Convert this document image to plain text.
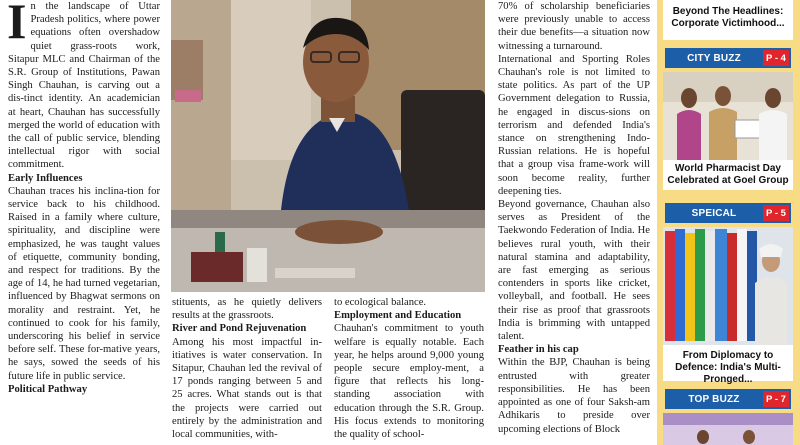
I n the landscape of Uttar Pradesh politics, where power equations often overshadow quiet grass-roots work, Sitapur MLC and Chairman of the S.R. Group of Institutions, Pawan Singh Chauhan, is carving out a dis-tinct identity. An academician at heart, Chauhan has successfully merged the world of education with the call of public service, blending intellectual rigor with social commitment.

Early Influences

Chauhan traces his inclina-tion for service back to his childhood. Raised in a family where culture, spirituality, and discipline were emphasized, he was taught values of etiquette, community bonding, and respect for traditions. By the age of 14, he had turned vegetarian, influenced by Bhagwat sermons on morality and restraint. Yet, he continued to cook for his family, underscoring his belief in service before self. These for-mative years, he says, sowed the seeds of his future life in public service.

Political Pathway

stituents, as he quietly delivers results at the grassroots.

River and Pond Rejuvenation

Among his most impactful in-itiatives is water conservation. In Sitapur, Chauhan led the revival of 17 ponds ranging between 5 and 25 acres. What stands out is that the projects were carried out entirely by the administration and local communities, with-

to ecological balance.

Employment and Education

Chauhan's commitment to youth welfare is equally notable. Each year, he helps around 9,000 young people secure employ-ment, a figure that reflects his long-standing association with education through the S.R. Group. His focus extends to monitoring the quality of school-

70% of scholarship beneficiaries were previously unable to access their due benefits—a situation now witnessing a turnaround.

International and Sporting Roles Chauhan's role is not limited to state politics. As part of the UP Government delegation to Russia, he engaged in discus-sions on terrorism and defended India's stance on strengthening Indo-Russian relations. He is hopeful that a group visa frame-work will soon become reality, further deepening ties.

Beyond governance, Chauhan also serves as President of the Taekwondo Federation of India. He believes rural youth, with their natural stamina and adaptability, are fast emerging as serious contenders in sports like cricket, volleyball, and football. He sees their rise as proof that grassroots India is brimming with untapped talent.

Feather in his cap

Within the BJP, Chauhan is being entrusted with greater responsibilities. He has been appointed as one of four Saksh-am Adhikaris to preside over upcoming elections of Block

Beyond The Headlines: Corporate Victimhood...
CITY BUZZ	P - 4
World Pharmacist Day Celebrated at Goel Group
SPEICAL	P - 5
From Diplomacy to Defence: India's Multi-Pronged...
TOP BUZZ	P - 7
